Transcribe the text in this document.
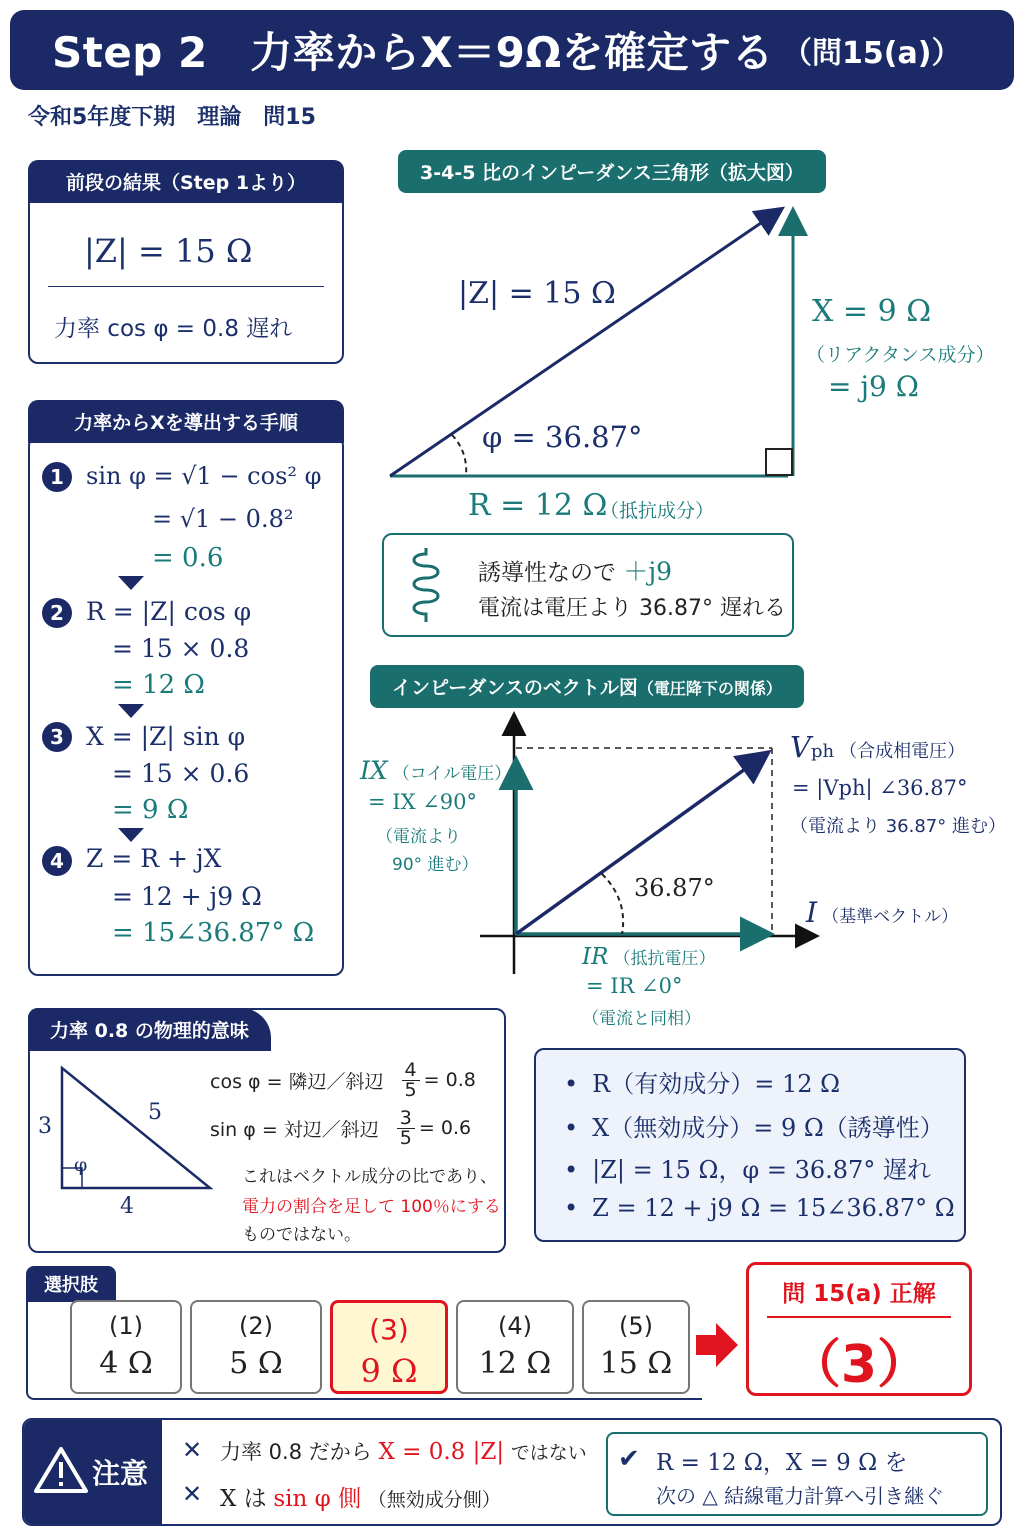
Step 2　力率からX＝9Ωを確定する （問15(a)）
令和5年度下期　理論　問15
前段の結果（Step 1より）
|Z| = 15 Ω
力率 cos φ = 0.8 遅れ
力率からXを導出する手順
1 sin φ = √1 − cos² φ
= √1 − 0.8²
= 0.6
2 R = |Z| cos φ
= 15 × 0.8
= 12 Ω
3 X = |Z| sin φ
= 15 × 0.6
= 9 Ω
4 Z = R + jX
= 12 + j9 Ω
= 15∠36.87° Ω
3-4-5 比のインピーダンス三角形（拡大図）
|Z| = 15 Ω
X = 9 Ω
（リアクタンス成分）
= j9 Ω
φ = 36.87°
R = 12 Ω
（抵抗成分）
誘導性なので ＋j9
電流は電圧より 36.87° 遅れる
インピーダンスのベクトル図（電圧降下の関係）
IX （コイル電圧）
= IX ∠90°
（電流より
90° 進む）
Vph （合成相電圧）
= |Vph| ∠36.87°
（電流より 36.87° 進む）
36.87°
I （基準ベクトル）
IR （抵抗電圧）
= IR ∠0°
（電流と同相）
力率 0.8 の物理的意味
3
5
4
φ
cos φ = 隣辺／斜辺 $\frac{4}{5} = 0.8$
sin φ = 対辺／斜辺 $\frac{3}{5} = 0.6$
これはベクトル成分の比であり、
電力の割合を足して 100％にする
ものではない。
• R（有効成分）= 12 Ω
• X（無効成分）= 9 Ω（誘導性）
• |Z| = 15 Ω，φ = 36.87° 遅れ
• Z = 12 + j9 Ω = 15∠36.87° Ω
選択肢
(1)
4 Ω
(2)
5 Ω
(3)
9 Ω
(4)
12 Ω
(5)
15 Ω
問 15(a) 正解
（3）
注意
✕ 力率 0.8 だから X = 0.8 |Z| ではない
✕ X は sin φ 側 （無効成分側）
✔ R = 12 Ω，X = 9 Ω を
次の △ 結線電力計算へ引き継ぐ
